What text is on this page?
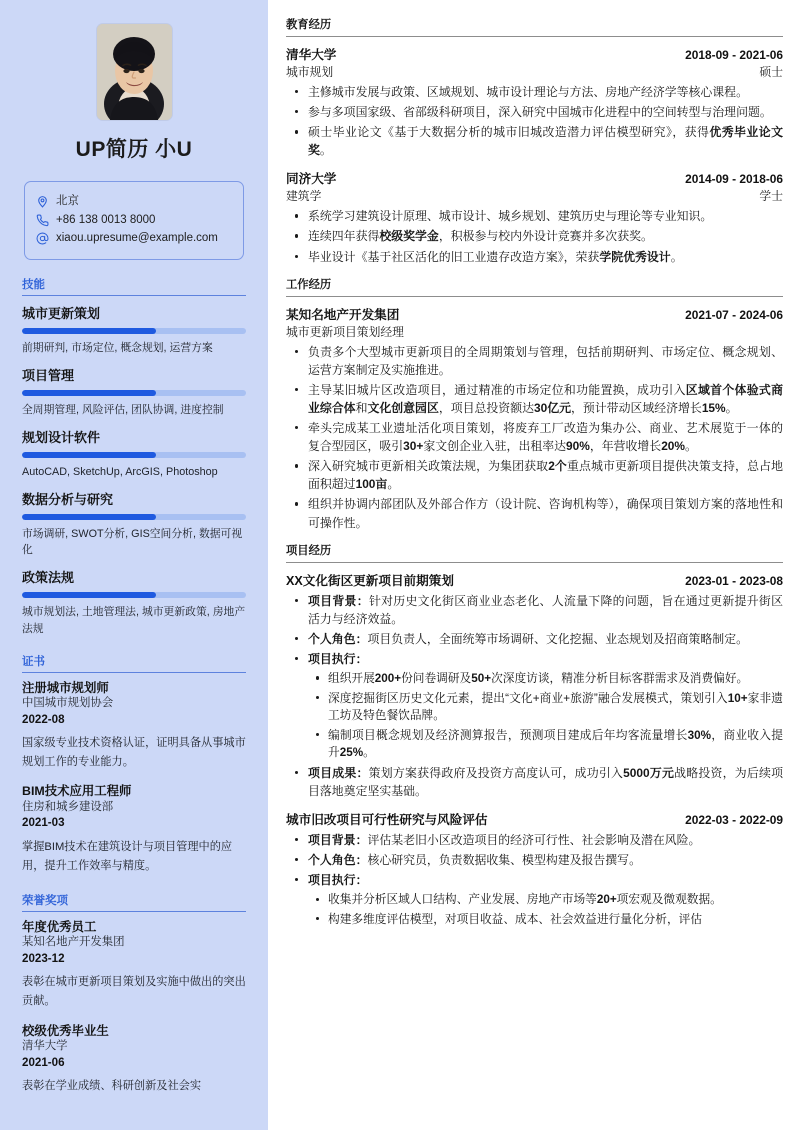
UP简历 小U
北京
+86 138 0013 8000
xiaou.upresume@example.com
技能
城市更新策划
前期研判, 市场定位, 概念规划, 运营方案
项目管理
全周期管理, 风险评估, 团队协调, 进度控制
规划设计软件
AutoCAD, SketchUp, ArcGIS, Photoshop
数据分析与研究
市场调研, SWOT分析, GIS空间分析, 数据可视化
政策法规
城市规划法, 土地管理法, 城市更新政策, 房地产法规
证书
注册城市规划师
中国城市规划协会
2022-08
国家级专业技术资格认证，证明具备从事城市规划工作的专业能力。
BIM技术应用工程师
住房和城乡建设部
2021-03
掌握BIM技术在建筑设计与项目管理中的应用，提升工作效率与精度。
荣誉奖项
年度优秀员工
某知名地产开发集团
2023-12
表彰在城市更新项目策划及实施中做出的突出贡献。
校级优秀毕业生
清华大学
2021-06
表彰在学业成绩、科研创新及社会实
教育经历
清华大学	2018-09 - 2021-06
城市规划	硕士
主修城市发展与政策、区域规划、城市设计理论与方法、房地产经济学等核心课程。
参与多项国家级、省部级科研项目，深入研究中国城市化进程中的空间转型与治理问题。
硕士毕业论文《基于大数据分析的城市旧城改造潜力评估模型研究》，获得优秀毕业论文奖。
同济大学	2014-09 - 2018-06
建筑学	学士
系统学习建筑设计原理、城市设计、城乡规划、建筑历史与理论等专业知识。
连续四年获得校级奖学金，积极参与校内外设计竞赛并多次获奖。
毕业设计《基于社区活化的旧工业遗存改造方案》，荣获学院优秀设计。
工作经历
某知名地产开发集团	2021-07 - 2024-06
城市更新项目策划经理
负责多个大型城市更新项目的全周期策划与管理，包括前期研判、市场定位、概念规划、运营方案制定及实施推进。
主导某旧城片区改造项目，通过精准的市场定位和功能置换，成功引入区域首个体验式商业综合体和文化创意园区，项目总投资额达30亿元，预计带动区域经济增长15%。
牵头完成某工业遗址活化项目策划，将废弃工厂改造为集办公、商业、艺术展览于一体的复合型园区，吸引30+家文创企业入驻，出租率达90%，年营收增长20%。
深入研究城市更新相关政策法规，为集团获取2个重点城市更新项目提供决策支持，总占地面积超过100亩。
组织并协调内部团队及外部合作方（设计院、咨询机构等），确保项目策划方案的落地性和可操作性。
项目经历
XX文化街区更新项目前期策划	2023-01 - 2023-08
项目背景：针对历史文化街区商业业态老化、人流量下降的问题，旨在通过更新提升街区活力与经济效益。
个人角色：项目负责人，全面统筹市场调研、文化挖掘、业态规划及招商策略制定。
项目执行：
组织开展200+份问卷调研及50+次深度访谈，精准分析目标客群需求及消费偏好。
深度挖掘街区历史文化元素，提出“文化+商业+旅游”融合发展模式，策划引入10+家非遗工坊及特色餐饮品牌。
编制项目概念规划及经济测算报告，预测项目建成后年均客流量增长30%，商业收入提升25%。
项目成果：策划方案获得政府及投资方高度认可，成功引入5000万元战略投资，为后续项目落地奠定坚实基础。
城市旧改项目可行性研究与风险评估	2022-03 - 2022-09
项目背景：评估某老旧小区改造项目的经济可行性、社会影响及潜在风险。
个人角色：核心研究员，负责数据收集、模型构建及报告撰写。
项目执行：
收集并分析区域人口结构、产业发展、房地产市场等20+项宏观及微观数据。
构建多维度评估模型，对项目收益、成本、社会效益进行量化分析，评估
